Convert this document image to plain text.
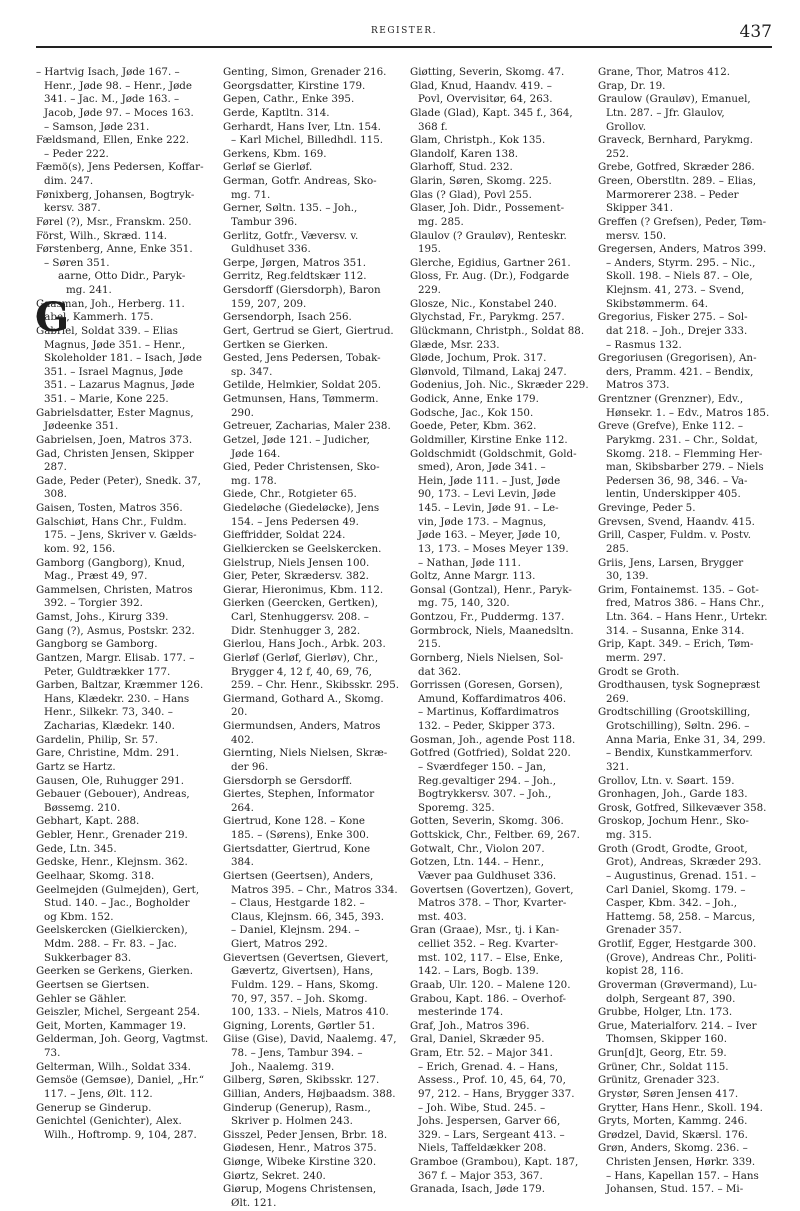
REGISTER.	437
G

– Hartvig Isach, Jøde 167. –
Henr., Jøde 98. – Henr., Jøde
341. – Jac. M., Jøde 163. –
Jacob, Jøde 97. – Moces 163.
– Samson, Jøde 231.

Fældsmand, Ellen, Enke 222.
– Peder 222.

Fæmö(s), Jens Pedersen, Koffar-
dim. 247.

Fønixberg, Johansen, Bogtryk-
kersv. 387.

Førel (?), Msr., Franskm. 250.

Först, Wilh., Skræd. 114.

Førstenberg, Anne, Enke 351.
– Søren 351.

aarne, Otto Didr., Paryk-
mg. 241.

Gaasman, Joh., Herberg. 11.

Gabel, Kammerh. 175.

Gabriel, Soldat 339. – Elias
Magnus, Jøde 351. – Henr.,
Skoleholder 181. – Isach, Jøde
351. – Israel Magnus, Jøde
351. – Lazarus Magnus, Jøde
351. – Marie, Kone 225.

Gabrielsdatter, Ester Magnus,
Jødeenke 351.

Gabrielsen, Joen, Matros 373.

Gad, Christen Jensen, Skipper
287.

Gade, Peder (Peter), Snedk. 37,
308.

Gaisen, Tosten, Matros 356.

Galschiøt, Hans Chr., Fuldm.
175. – Jens, Skriver v. Gælds-
kom. 92, 156.

Gamborg (Gangborg), Knud,
Mag., Præst 49, 97.

Gammelsen, Christen, Matros
392. – Torgier 392.

Gamst, Johs., Kirurg 339.

Gang (?), Asmus, Postskr. 232.

Gangborg se Gamborg.

Gantzen, Margr. Elisab. 177. –
Peter, Guldtrækker 177.

Garben, Baltzar, Kræmmer 126.
Hans, Klædekr. 230. – Hans
Henr., Silkekr. 73, 340. –
Zacharias, Klædekr. 140.

Gardelin, Philip, Sr. 57.

Gare, Christine, Mdm. 291.

Gartz se Hartz.

Gausen, Ole, Ruhugger 291.

Gebauer (Gebouer), Andreas,
Bøssemg. 210.

Gebhart, Kapt. 288.

Gebler, Henr., Grenader 219.

Gede, Ltn. 345.

Gedske, Henr., Klejnsm. 362.

Geelhaar, Skomg. 318.

Geelmejden (Gulmejden), Gert,
Stud. 140. – Jac., Bogholder
og Kbm. 152.

Geelskercken (Gielkiercken),
Mdm. 288. – Fr. 83. – Jac.
Sukkerbager 83.

Geerken se Gerkens, Gierken.

Geertsen se Giertsen.

Gehler se Gähler.

Geiszler, Michel, Sergeant 254.

Geit, Morten, Kammager 19.

Gelderman, Joh. Georg, Vagtmst.
73.

Gelterman, Wilh., Soldat 334.

Gemsöe (Gemsøe), Daniel, „Hr.“
117. – Jens, Ølt. 112.

Generup se Ginderup.

Genichtel (Genichter), Alex.
Wilh., Hoftromp. 9, 104, 287.

Genting, Simon, Grenader 216.

Georgsdatter, Kirstine 179.

Gepen, Cathr., Enke 395.

Gerde, Kaptltn. 314.

Gerhardt, Hans Iver, Ltn. 154.
– Karl Michel, Billedhdl. 115.

Gerkens, Kbm. 169.

Gerløf se Gierløf.

German, Gotfr. Andreas, Sko-
mg. 71.

Gerner, Søltn. 135. – Joh.,
Tambur 396.

Gerlitz, Gotfr., Væversv. v.
Guldhuset 336.

Gerpe, Jørgen, Matros 351.

Gerritz, Reg.feldtskær 112.

Gersdorff (Giersdorph), Baron
159, 207, 209.

Gersendorph, Isach 256.

Gert, Gertrud se Giert, Giertrud.

Gertken se Gierken.

Gested, Jens Pedersen, Tobak-
sp. 347.

Getilde, Helmkier, Soldat 205.

Getmunsen, Hans, Tømmerm.
290.

Getreuer, Zacharias, Maler 238.

Getzel, Jøde 121. – Judicher,
Jøde 164.

Gied, Peder Christensen, Sko-
mg. 178.

Giede, Chr., Rotgieter 65.

Giedeløche (Giedeløcke), Jens
154. – Jens Pedersen 49.

Gieffridder, Soldat 224.

Gielkiercken se Geelskercken.

Gielstrup, Niels Jensen 100.

Gier, Peter, Skrædersv. 382.

Gierar, Hieronimus, Kbm. 112.

Gierken (Geercken, Gertken),
Carl, Stenhuggersv. 208. –
Didr. Stenhugger 3, 282.

Gierlou, Hans Joch., Arbk. 203.

Gierløf (Gerløf, Gierløv), Chr.,
Brygger 4, 12 f, 40, 69, 76,
259. – Chr. Henr., Skibsskr. 295.

Giermand, Gothard A., Skomg. 20.

Giermundsen, Anders, Matros
402.

Giernting, Niels Nielsen, Skræ-
der 96.

Giersdorph se Gersdorff.

Giertes, Stephen, Informator
264.

Giertrud, Kone 128. – Kone
185. – (Sørens), Enke 300.

Giertsdatter, Giertrud, Kone
384.

Giertsen (Geertsen), Anders,
Matros 395. – Chr., Matros 334.
– Claus, Hestgarde 182. –
Claus, Klejnsm. 66, 345, 393.
– Daniel, Klejnsm. 294. –
Giert, Matros 292.

Gievertsen (Gevertsen, Gievert,
Gævertz, Givertsen), Hans,
Fuldm. 129. – Hans, Skomg.
70, 97, 357. – Joh. Skomg.
100, 133. – Niels, Matros 410.

Gigning, Lorents, Gørtler 51.

Giise (Gise), David, Naalemg. 47,
78. – Jens, Tambur 394. –
Joh., Naalemg. 319.

Gilberg, Søren, Skibsskr. 127.

Gillian, Anders, Højbaadsm. 388.

Ginderup (Generup), Rasm.,
Skriver p. Holmen 243.

Gisszel, Peder Jensen, Brbr. 18.

Giødesen, Henr., Matros 375.

Giønge, Wibeke Kirstine 320.

Giørtz, Sekret. 240.

Giørup, Mogens Christensen,
Ølt. 121.

Giøtting, Severin, Skomg. 47.

Glad, Knud, Haandv. 419. –
Povl, Overvisitør, 64, 263.

Glade (Glad), Kapt. 345 f., 364,
368 f.

Glam, Christph., Kok 135.

Glandolf, Karen 138.

Glarhoff, Stud. 232.

Glarin, Søren, Skomg. 225.

Glas (? Glad), Povl 255.

Glaser, Joh. Didr., Possement-
mg. 285.

Glaulov (? Grauløv), Renteskr.
195.

Glerche, Egidius, Gartner 261.

Gloss, Fr. Aug. (Dr.), Fodgarde
229.

Glosze, Nic., Konstabel 240.

Glychstad, Fr., Parykmg. 257.

Glückmann, Christph., Soldat 88.

Glæde, Msr. 233.

Gløde, Jochum, Prok. 317.

Glønvold, Tilmand, Lakaj 247.

Godenius, Joh. Nic., Skræder 229.

Godick, Anne, Enke 179.

Godsche, Jac., Kok 150.

Goede, Peter, Kbm. 362.

Goldmiller, Kirstine Enke 112.

Goldschmidt (Goldschmit, Gold-
smed), Aron, Jøde 341. –
Hein, Jøde 111. – Just, Jøde
90, 173. – Levi Levin, Jøde
145. – Levin, Jøde 91. – Le-
vin, Jøde 173. – Magnus,
Jøde 163. – Meyer, Jøde 10,
13, 173. – Moses Meyer 139.
– Nathan, Jøde 111.

Goltz, Anne Margr. 113.

Gonsal (Gontzal), Henr., Paryk-
mg. 75, 140, 320.

Gontzou, Fr., Puddermg. 137.

Gormbrock, Niels, Maanedsltn.
215.

Gornberg, Niels Nielsen, Sol-
dat 362.

Gorrissen (Goresen, Gorsen),
Amund, Koffardimatros 406.
– Martinus, Koffardimatros
132. – Peder, Skipper 373.

Gosman, Joh., agende Post 118.

Gotfred (Gotfried), Soldat 220.
– Sværdfeger 150. – Jan,
Reg.gevaltiger 294. – Joh.,
Bogtrykkersv. 307. – Joh.,
Sporemg. 325.

Gotten, Severin, Skomg. 306.

Gottskick, Chr., Feltber. 69, 267.

Gotwalt, Chr., Violon 207.

Gotzen, Ltn. 144. – Henr.,
Væver paa Guldhuset 336.

Govertsen (Govertzen), Govert,
Matros 378. – Thor, Kvarter-
mst. 403.

Gran (Graae), Msr., tj. i Kan-
celliet 352. – Reg. Kvarter-
mst. 102, 117. – Else, Enke,
142. – Lars, Bogb. 139.

Graab, Ulr. 120. – Malene 120.

Grabou, Kapt. 186. – Overhof-
mesterinde 174.

Graf, Joh., Matros 396.

Gral, Daniel, Skræder 95.

Gram, Etr. 52. – Major 341.
– Erich, Grenad. 4. – Hans,
Assess., Prof. 10, 45, 64, 70,
97, 212. – Hans, Brygger 337.
– Joh. Wibe, Stud. 245. –
Johs. Jespersen, Garver 66,
329. – Lars, Sergeant 413. –
Niels, Taffeldækker 208.

Gramboe (Grambou), Kapt. 187,
367 f. – Major 353, 367.

Granada, Isach, Jøde 179.

Grane, Thor, Matros 412.

Grap, Dr. 19.

Graulow (Grauløv), Emanuel,
Ltn. 287. – Jfr. Glaulov,
Grollov.

Graveck, Bernhard, Parykmg.
252.

Grebe, Gotfred, Skræder 286.

Green, Oberstltn. 289. – Elias,
Marmorerer 238. – Peder
Skipper 341.

Greffen (? Grefsen), Peder, Tøm-
mersv. 150.

Gregersen, Anders, Matros 399.
– Anders, Styrm. 295. – Nic.,
Skoll. 198. – Niels 87. – Ole,
Klejnsm. 41, 273. – Svend,
Skibstømmerm. 64.

Gregorius, Fisker 275. – Sol-
dat 218. – Joh., Drejer 333.
– Rasmus 132.

Gregoriusen (Gregorisen), An-
ders, Pramm. 421. – Bendix,
Matros 373.

Grentzner (Grenzner), Edv.,
Hønsekr. 1. – Edv., Matros 185.

Greve (Grefve), Enke 112. –
Parykmg. 231. – Chr., Soldat,
Skomg. 218. – Flemming Her-
man, Skibsbarber 279. – Niels
Pedersen 36, 98, 346. – Va-
lentin, Underskipper 405.

Grevinge, Peder 5.

Grevsen, Svend, Haandv. 415.

Grill, Casper, Fuldm. v. Postv.
285.

Griis, Jens, Larsen, Brygger
30, 139.

Grim, Fontainemst. 135. – Got-
fred, Matros 386. – Hans Chr.,
Ltn. 364. – Hans Henr., Urtekr.
314. – Susanna, Enke 314.

Grip, Kapt. 349. – Erich, Tøm-
merm. 297.

Grodt se Groth.

Grodthausen, tysk Sognepræst
269.

Grodtschilling (Grootskilling,
Grotschilling), Søltn. 296. –
Anna Maria, Enke 31, 34, 299.
– Bendix, Kunstkammerforv.
321.

Grollov, Ltn. v. Søart. 159.

Gronhagen, Joh., Garde 183.

Grosk, Gotfred, Silkevæver 358.

Groskop, Jochum Henr., Sko-
mg. 315.

Groth (Grodt, Grodte, Groot,
Grot), Andreas, Skræder 293.
– Augustinus, Grenad. 151. –
Carl Daniel, Skomg. 179. –
Casper, Kbm. 342. – Joh.,
Hattemg. 58, 258. – Marcus,
Grenader 357.

Grotlif, Egger, Hestgarde 300.
(Grove), Andreas Chr., Politi-
kopist 28, 116.

Groverman (Grøvermand), Lu-
dolph, Sergeant 87, 390.

Grubbe, Holger, Ltn. 173.

Grue, Materialforv. 214. – Iver
Thomsen, Skipper 160.

Grun[d]t, Georg, Etr. 59.

Grüner, Chr., Soldat 115.

Grünitz, Grenader 323.

Grystør, Søren Jensen 417.

Grytter, Hans Henr., Skoll. 194.

Gryts, Morten, Kammg. 246.

Grødzel, David, Skærsl. 176.

Grøn, Anders, Skomg. 236. –
Christen Jensen, Hørkr. 339.
– Hans, Kapellan 157. – Hans
Johansen, Stud. 157. – Mi-
